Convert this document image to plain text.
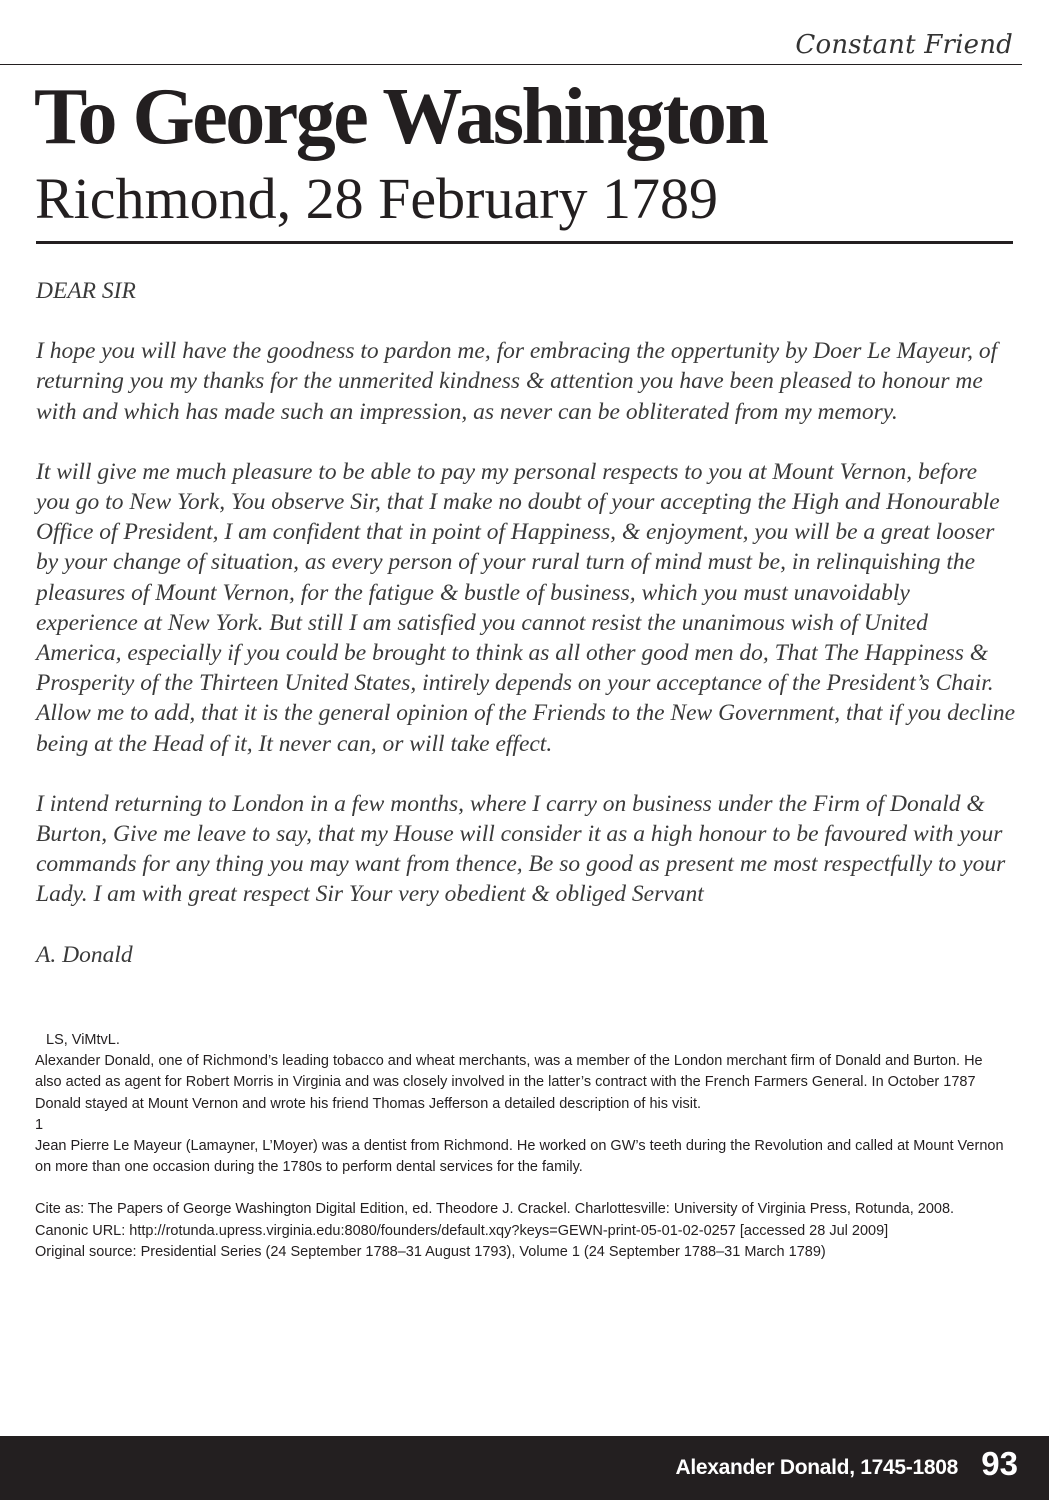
Constant Friend
To George Washington
Richmond, 28 February 1789

DEAR SIR

I hope you will have the goodness to pardon me, for embracing the oppertunity by Doer Le Mayeur, of returning you my thanks for the unmerited kindness & attention you have been pleased to honour me with and which has made such an impression, as never can be obliterated from my memory.

It will give me much pleasure to be able to pay my personal respects to you at Mount Vernon, before you go to New York, You observe Sir, that I make no doubt of your accepting the High and Honourable Office of President, I am confident that in point of Happiness, & enjoyment, you will be a great looser by your change of situation, as every person of your rural turn of mind must be, in relinquishing the pleasures of Mount Vernon, for the fatigue & bustle of business, which you must unavoidably experience at New York. But still I am satisfied you cannot resist the unanimous wish of United America, especially if you could be brought to think as all other good men do, That The Happiness & Prosperity of the Thirteen United States, intirely depends on your acceptance of the President’s Chair. Allow me to add, that it is the general opinion of the Friends to the New Government, that if you decline being at the Head of it, It never can, or will take effect.

I intend returning to London in a few months, where I carry on business under the Firm of Donald & Burton, Give me leave to say, that my House will consider it as a high honour to be favoured with your commands for any thing you may want from thence, Be so good as present me most respectfully to your Lady. I am with great respect Sir Your very obedient & obliged Servant

A. Donald

LS, ViMtvL.
Alexander Donald, one of Richmond’s leading tobacco and wheat merchants, was a member of the London merchant firm of Donald and Burton. He also acted as agent for Robert Morris in Virginia and was closely involved in the latter’s contract with the French Farmers General. In October 1787 Donald stayed at Mount Vernon and wrote his friend Thomas Jefferson a detailed description of his visit.
1
Jean Pierre Le Mayeur (Lamayner, L’Moyer) was a dentist from Richmond. He worked on GW’s teeth during the Revolution and called at Mount Vernon on more than one occasion during the 1780s to perform dental services for the family.
Cite as: The Papers of George Washington Digital Edition, ed. Theodore J. Crackel. Charlottesville: University of Virginia Press, Rotunda, 2008.
Canonic URL: http://rotunda.upress.virginia.edu:8080/founders/default.xqy?keys=GEWN-print-05-01-02-0257 [accessed 28 Jul 2009]
Original source: Presidential Series (24 September 1788–31 August 1793), Volume 1 (24 September 1788–31 March 1789)
Alexander Donald, 1745-1808 93
